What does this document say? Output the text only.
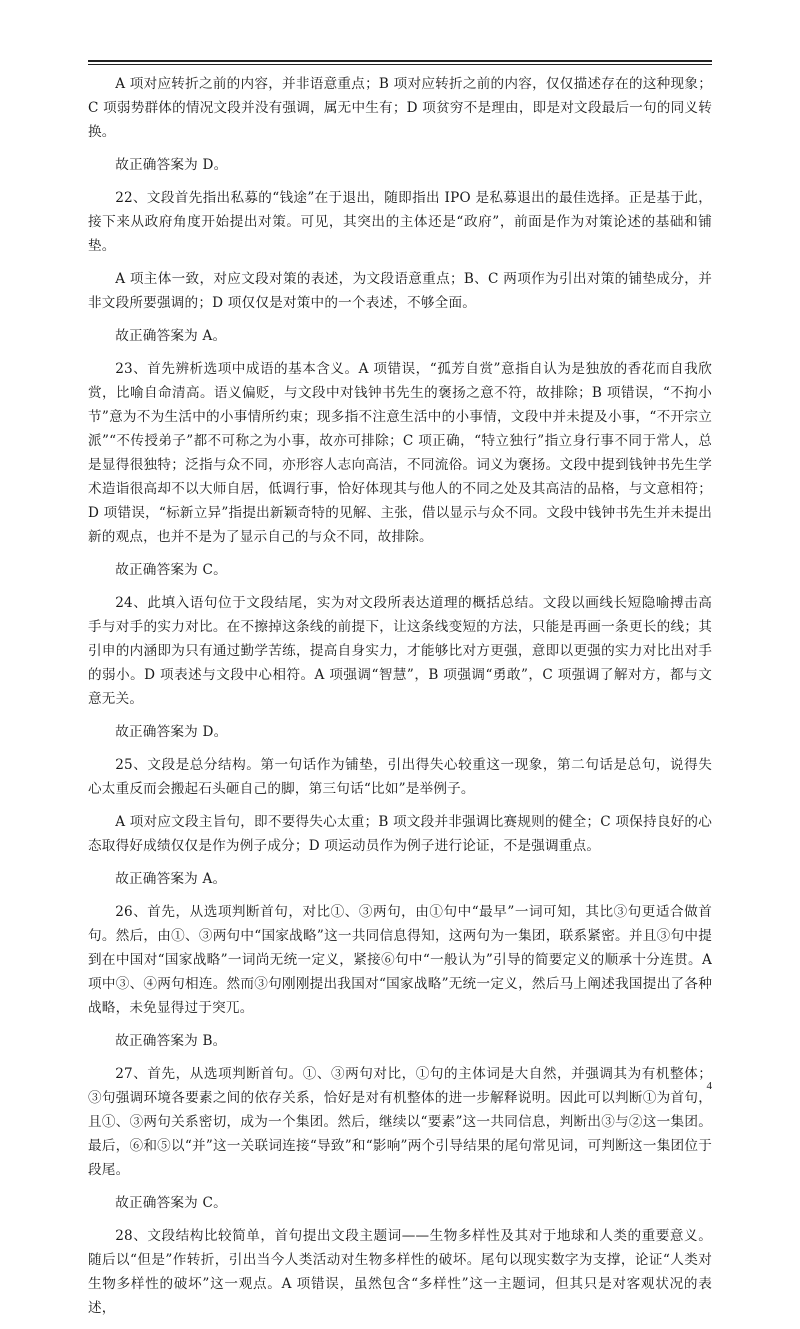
A 项对应转折之前的内容，并非语意重点；B 项对应转折之前的内容，仅仅描述存在的这种现象；C 项弱势群体的情况文段并没有强调，属无中生有；D 项贫穷不是理由，即是对文段最后一句的同义转换。

故正确答案为 D。

22、文段首先指出私募的“钱途”在于退出，随即指出 IPO 是私募退出的最佳选择。正是基于此，接下来从政府角度开始提出对策。可见，其突出的主体还是“政府”，前面是作为对策论述的基础和铺垫。

A 项主体一致，对应文段对策的表述，为文段语意重点；B、C 两项作为引出对策的铺垫成分，并非文段所要强调的；D 项仅仅是对策中的一个表述，不够全面。

故正确答案为 A。

23、首先辨析选项中成语的基本含义。A 项错误，“孤芳自赏”意指自认为是独放的香花而自我欣赏，比喻自命清高。语义偏贬，与文段中对钱钟书先生的褒扬之意不符，故排除；B 项错误，“不拘小节”意为不为生活中的小事情所约束；现多指不注意生活中的小事情，文段中并未提及小事，“不开宗立派”“不传授弟子”都不可称之为小事，故亦可排除；C 项正确，“特立独行”指立身行事不同于常人，总是显得很独特；泛指与众不同，亦形容人志向高洁，不同流俗。词义为褒扬。文段中提到钱钟书先生学术造诣很高却不以大师自居，低调行事，恰好体现其与他人的不同之处及其高洁的品格，与文意相符；D 项错误，“标新立异”指提出新颖奇特的见解、主张，借以显示与众不同。文段中钱钟书先生并未提出新的观点，也并不是为了显示自己的与众不同，故排除。

故正确答案为 C。

24、此填入语句位于文段结尾，实为对文段所表达道理的概括总结。文段以画线长短隐喻搏击高手与对手的实力对比。在不擦掉这条线的前提下，让这条线变短的方法，只能是再画一条更长的线；其引申的内涵即为只有通过勤学苦练，提高自身实力，才能够比对方更强，意即以更强的实力对比出对手的弱小。D 项表述与文段中心相符。A 项强调“智慧”，B 项强调“勇敢”，C 项强调了解对方，都与文意无关。

故正确答案为 D。

25、文段是总分结构。第一句话作为铺垫，引出得失心较重这一现象，第二句话是总句，说得失心太重反而会搬起石头砸自己的脚，第三句话“比如”是举例子。

A 项对应文段主旨句，即不要得失心太重；B 项文段并非强调比赛规则的健全；C 项保持良好的心态取得好成绩仅仅是作为例子成分；D 项运动员作为例子进行论证，不是强调重点。

故正确答案为 A。

26、首先，从选项判断首句，对比①、③两句，由①句中“最早”一词可知，其比③句更适合做首句。然后，由①、③两句中“国家战略”这一共同信息得知，这两句为一集团，联系紧密。并且③句中提到在中国对“国家战略”一词尚无统一定义，紧接⑥句中“一般认为”引导的简要定义的顺承十分连贯。A 项中③、④两句相连。然而③句刚刚提出我国对“国家战略”无统一定义，然后马上阐述我国提出了各种战略，未免显得过于突兀。

故正确答案为 B。

27、首先，从选项判断首句。①、③两句对比，①句的主体词是大自然，并强调其为有机整体；③句强调环境各要素之间的依存关系，恰好是对有机整体的进一步解释说明。因此可以判断①为首句，且①、③两句关系密切，成为一个集团。然后，继续以“要素”这一共同信息，判断出③与②这一集团。最后，⑥和⑤以“并”这一关联词连接“导致”和“影响”两个引导结果的尾句常见词，可判断这一集团位于段尾。

故正确答案为 C。

28、文段结构比较简单，首句提出文段主题词——生物多样性及其对于地球和人类的重要意义。随后以“但是”作转折，引出当今人类活动对生物多样性的破坏。尾句以现实数字为支撑，论证“人类对生物多样性的破坏”这一观点。A 项错误，虽然包含“多样性”这一主题词，但其只是对客观状况的表述，

4
